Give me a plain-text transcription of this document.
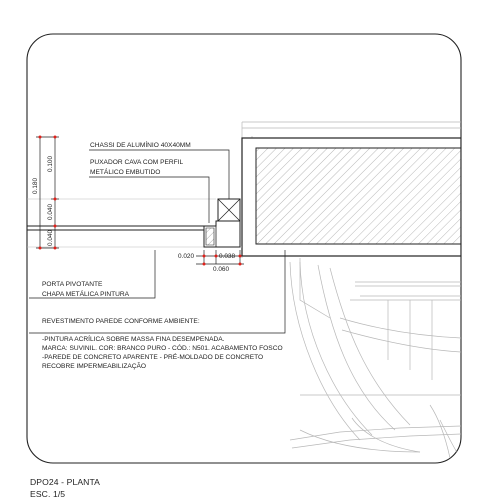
0.180
0.100
0.040
0.040
0.020	0.038
0.060
CHASSI DE ALUMÍNIO 40X40MM
PUXADOR CAVA COM PERFIL
METÁLICO EMBUTIDO
PORTA PIVOTANTE
CHAPA METÁLICA PINTURA
REVESTIMENTO PAREDE CONFORME AMBIENTE:
-PINTURA ACRÍLICA SOBRE MASSA FINA DESEMPENADA.
MARCA: SUVINIL. COR: BRANCO PURO - CÓD.: N501. ACABAMENTO FOSCO
-PAREDE DE CONCRETO APARENTE - PRÉ-MOLDADO DE CONCRETO
RECOBRE IMPERMEABILIZAÇÃO
DPO24 - PLANTA
ESC. 1/5
